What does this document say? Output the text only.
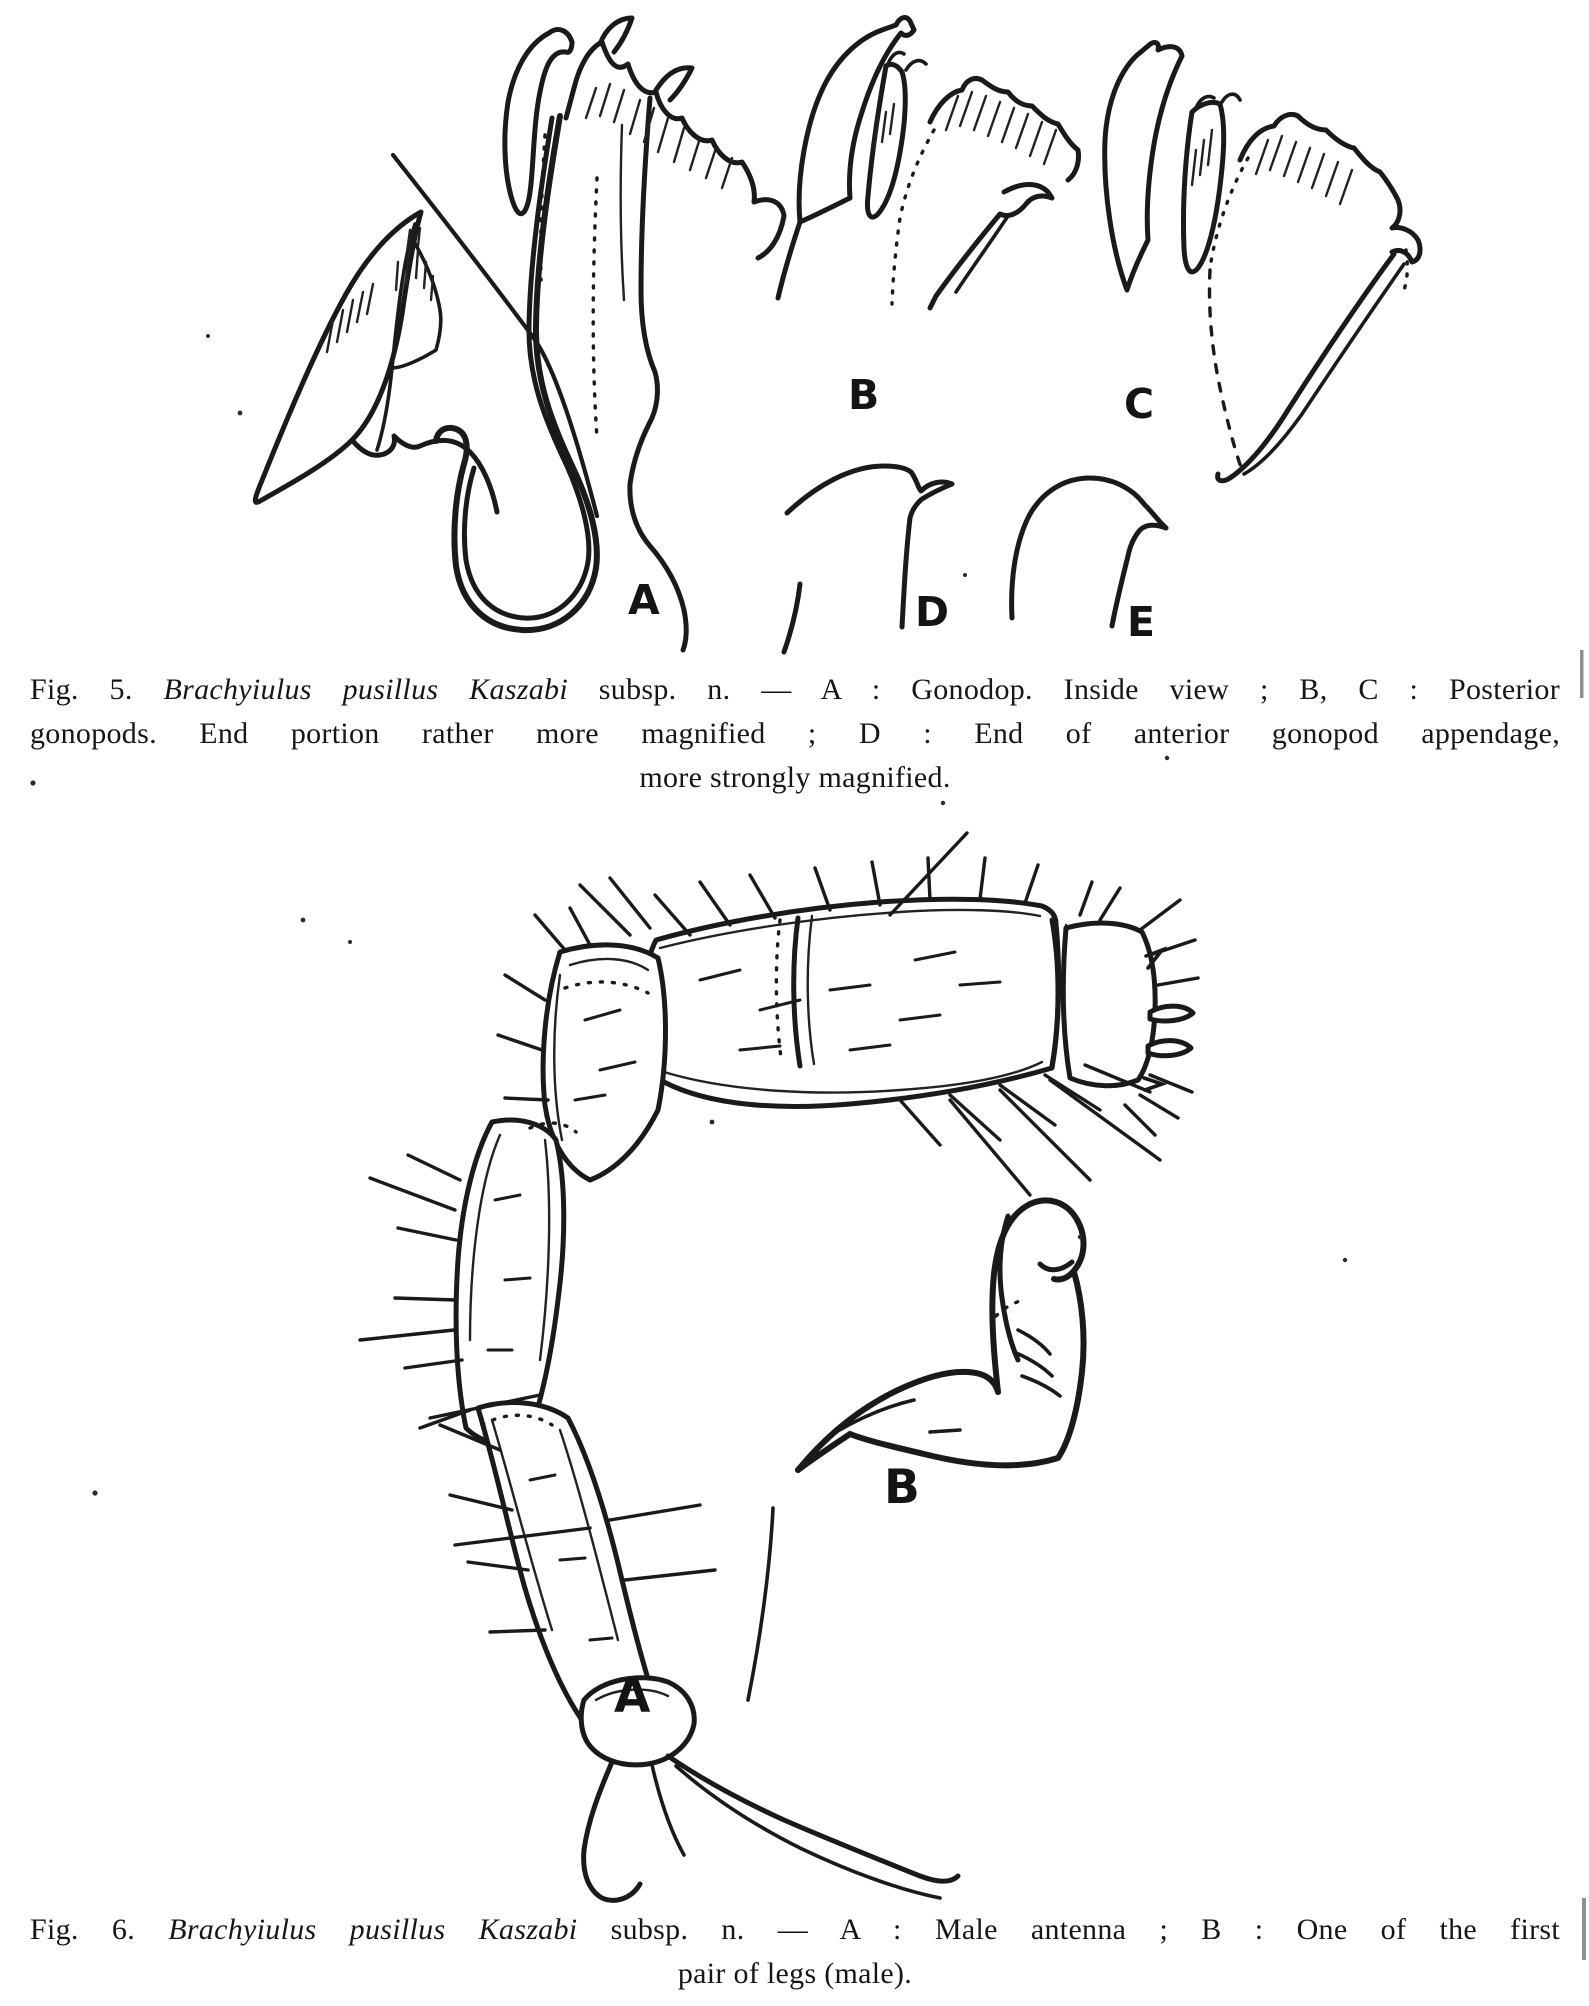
A
B	C
D	E
A
B
Fig. 5. Brachyiulus pusillus Kaszabi subsp. n. — A : Gonodop. Inside view ; B, C : Posterior
gonopods. End portion rather more magnified ; D : End of anterior gonopod appendage,
more strongly magnified.
Fig. 6. Brachyiulus pusillus Kaszabi subsp. n. — A : Male antenna ; B : One of the first
pair of legs (male).
